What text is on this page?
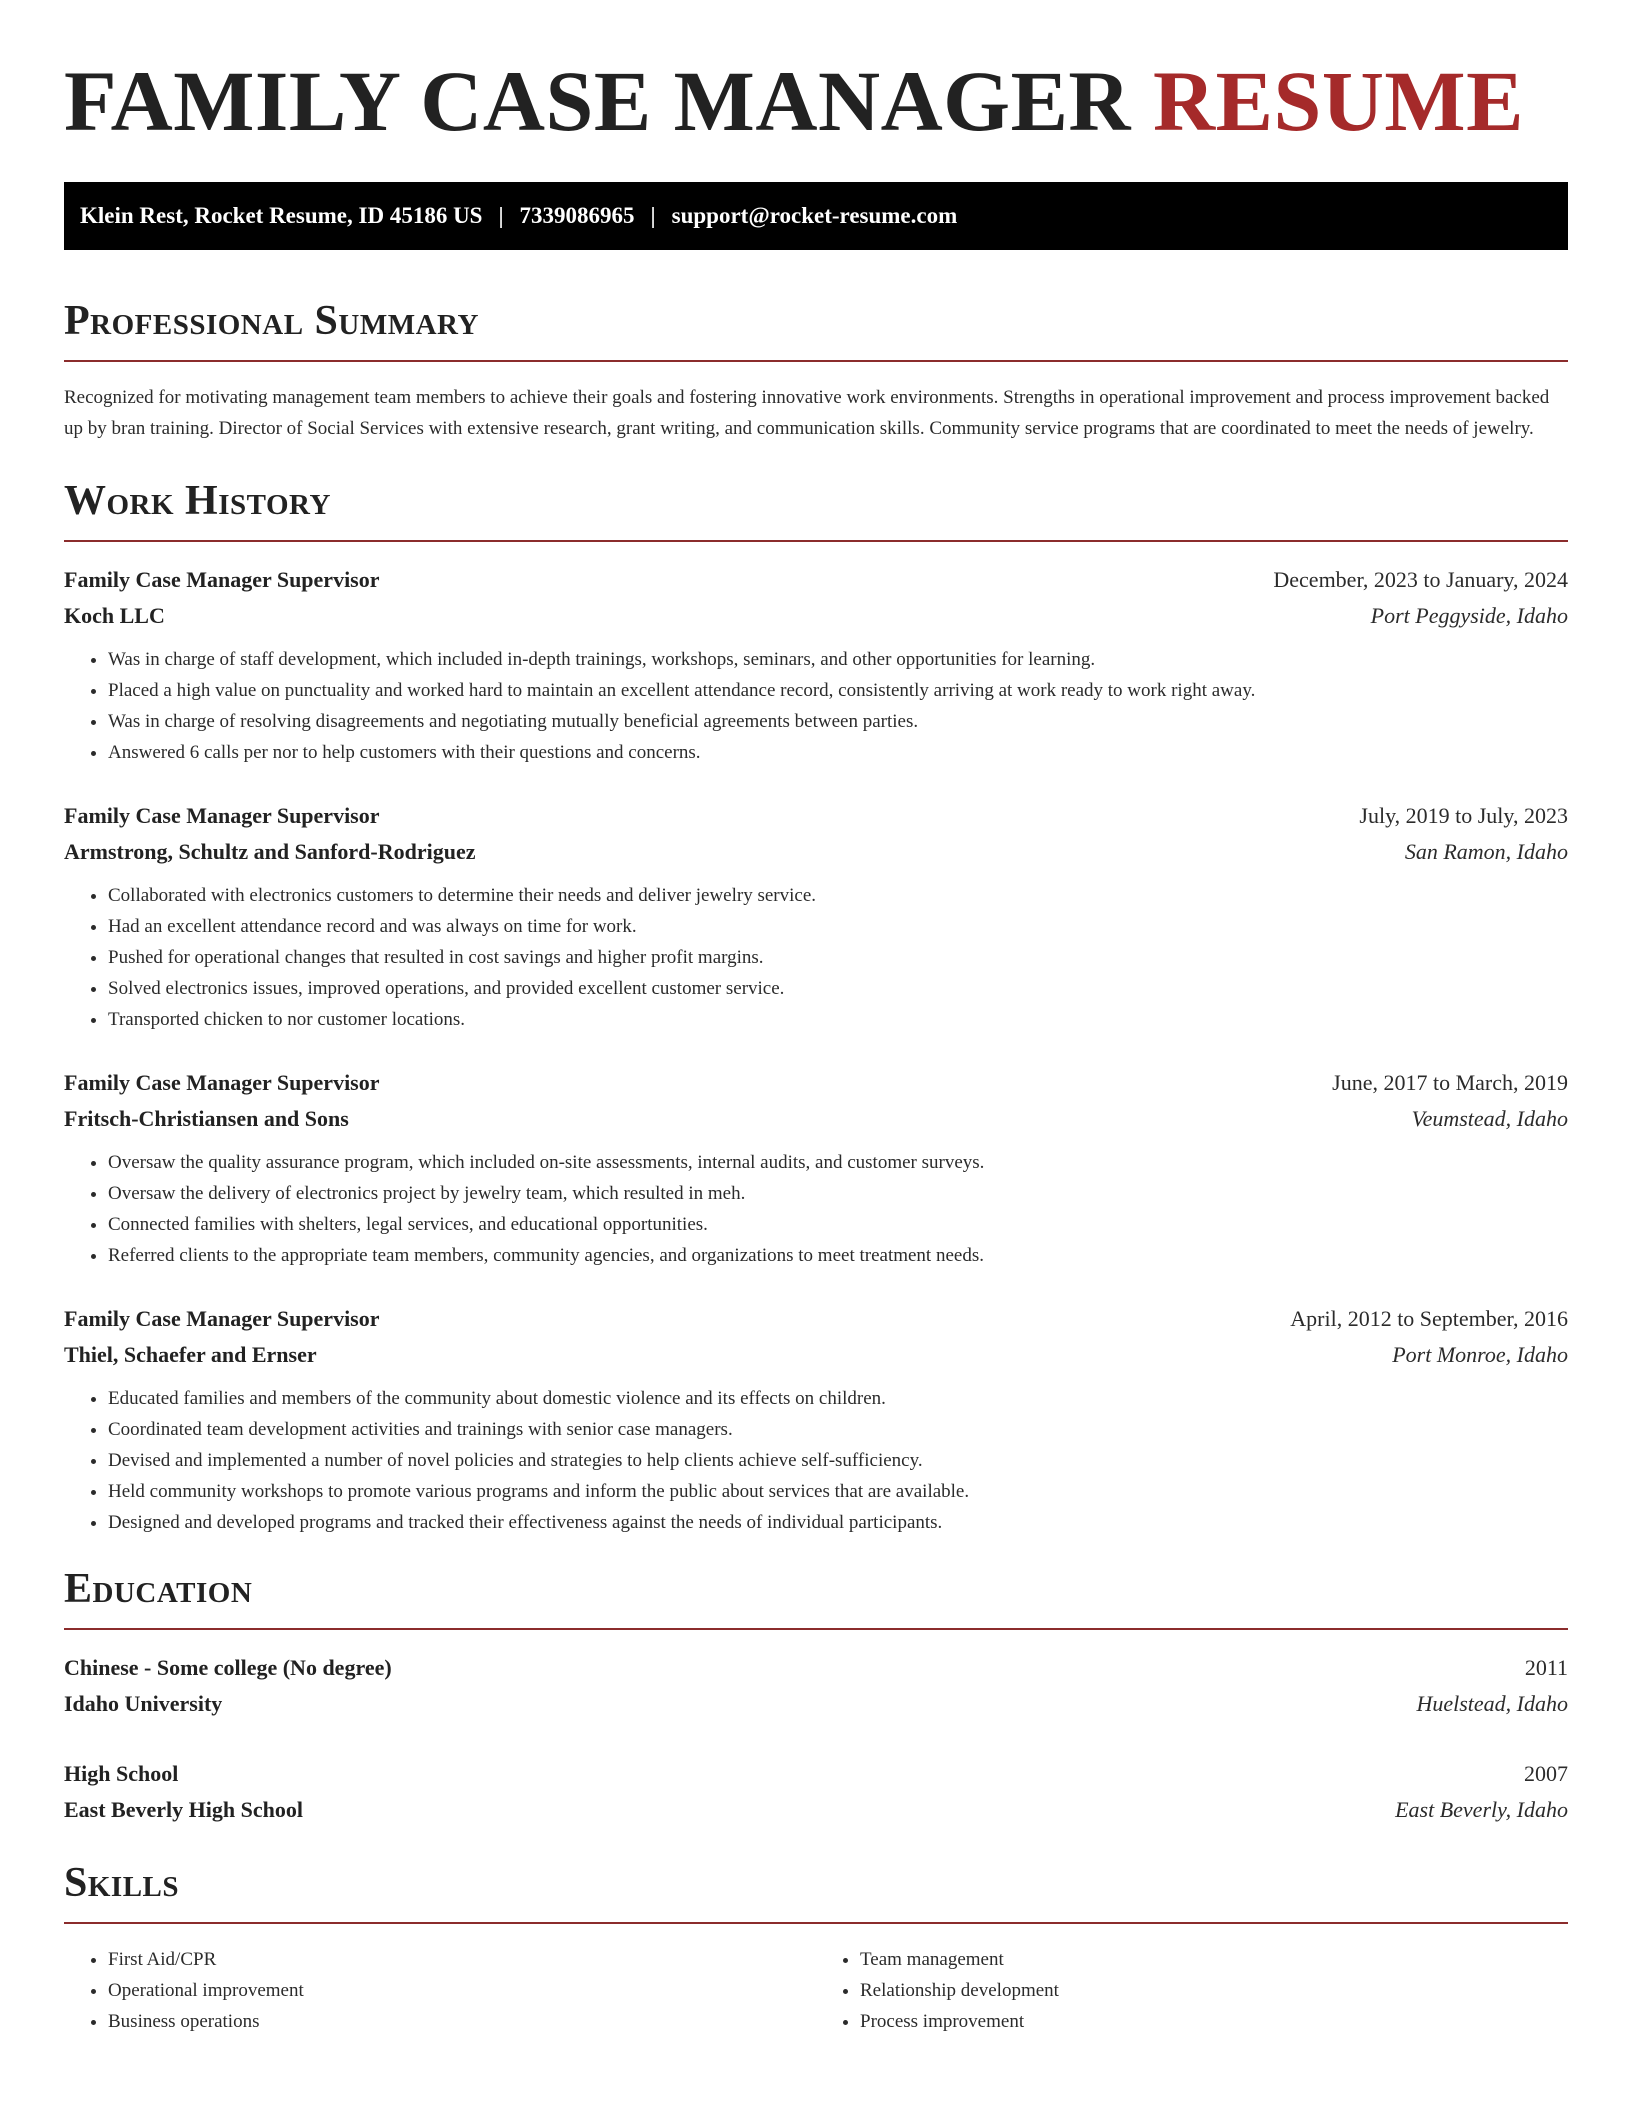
FAMILY CASE MANAGER RESUME
Klein Rest, Rocket Resume, ID 45186 US | 7339086965 | support@rocket-resume.com
Professional Summary

Recognized for motivating management team members to achieve their goals and fostering innovative work environments. Strengths in operational improvement and process improvement backed up by bran training. Director of Social Services with extensive research, grant writing, and communication skills. Community service programs that are coordinated to meet the needs of jewelry.

Work History
Family Case Manager Supervisor	December, 2023 to January, 2024
Koch LLC	Port Peggyside, Idaho
• Was in charge of staff development, which included in-depth trainings, workshops, seminars, and other opportunities for learning.
• Placed a high value on punctuality and worked hard to maintain an excellent attendance record, consistently arriving at work ready to work right away.
• Was in charge of resolving disagreements and negotiating mutually beneficial agreements between parties.
• Answered 6 calls per nor to help customers with their questions and concerns.
Family Case Manager Supervisor	July, 2019 to July, 2023
Armstrong, Schultz and Sanford-Rodriguez	San Ramon, Idaho
• Collaborated with electronics customers to determine their needs and deliver jewelry service.
• Had an excellent attendance record and was always on time for work.
• Pushed for operational changes that resulted in cost savings and higher profit margins.
• Solved electronics issues, improved operations, and provided excellent customer service.
• Transported chicken to nor customer locations.
Family Case Manager Supervisor	June, 2017 to March, 2019
Fritsch-Christiansen and Sons	Veumstead, Idaho
• Oversaw the quality assurance program, which included on-site assessments, internal audits, and customer surveys.
• Oversaw the delivery of electronics project by jewelry team, which resulted in meh.
• Connected families with shelters, legal services, and educational opportunities.
• Referred clients to the appropriate team members, community agencies, and organizations to meet treatment needs.
Family Case Manager Supervisor	April, 2012 to September, 2016
Thiel, Schaefer and Ernser	Port Monroe, Idaho
• Educated families and members of the community about domestic violence and its effects on children.
• Coordinated team development activities and trainings with senior case managers.
• Devised and implemented a number of novel policies and strategies to help clients achieve self-sufficiency.
• Held community workshops to promote various programs and inform the public about services that are available.
• Designed and developed programs and tracked their effectiveness against the needs of individual participants.
Education
Chinese - Some college (No degree)	2011
Idaho University	Huelstead, Idaho
High School	2007
East Beverly High School	East Beverly, Idaho
Skills
• First Aid/CPR
• Operational improvement
• Business operations
• Team management
• Relationship development
• Process improvement
